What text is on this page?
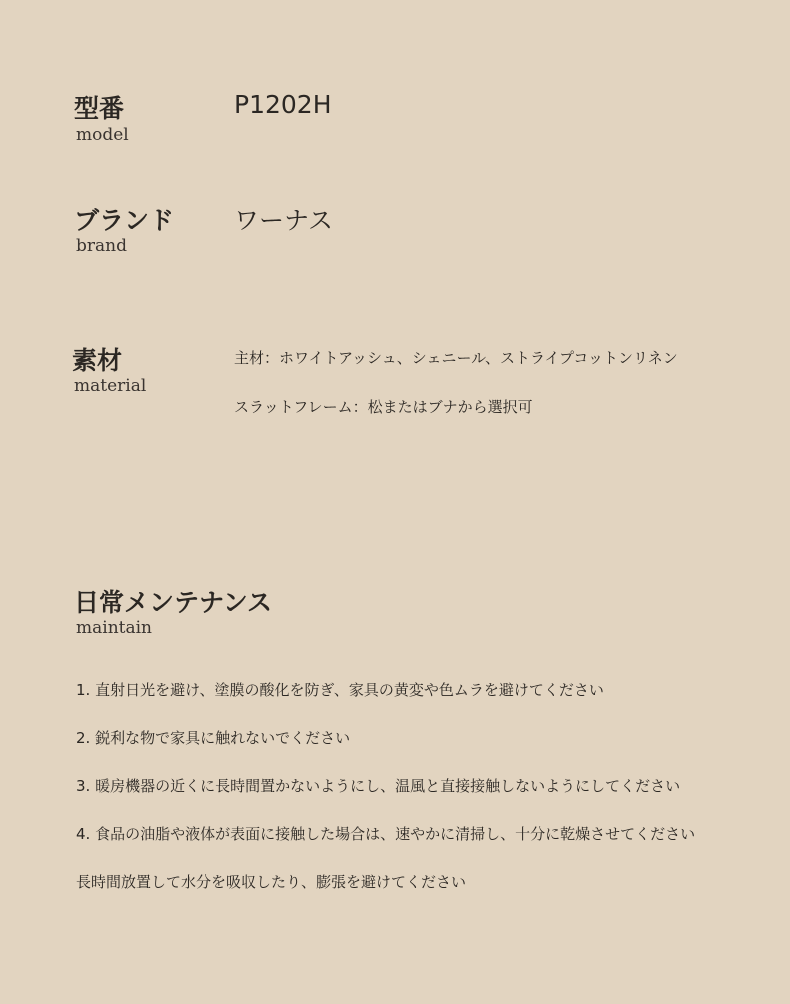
型番
model
P1202H
ブランド
brand
ワーナス
素材
material
主材：ホワイトアッシュ、シェニール、ストライプコットンリネン
スラットフレーム：松またはブナから選択可
日常メンテナンス
maintain
1. 直射日光を避け、塗膜の酸化を防ぎ、家具の黄変や色ムラを避けてください
2. 鋭利な物で家具に触れないでください
3. 暖房機器の近くに長時間置かないようにし、温風と直接接触しないようにしてください
4. 食品の油脂や液体が表面に接触した場合は、速やかに清掃し、十分に乾燥させてください
長時間放置して水分を吸収したり、膨張を避けてください
